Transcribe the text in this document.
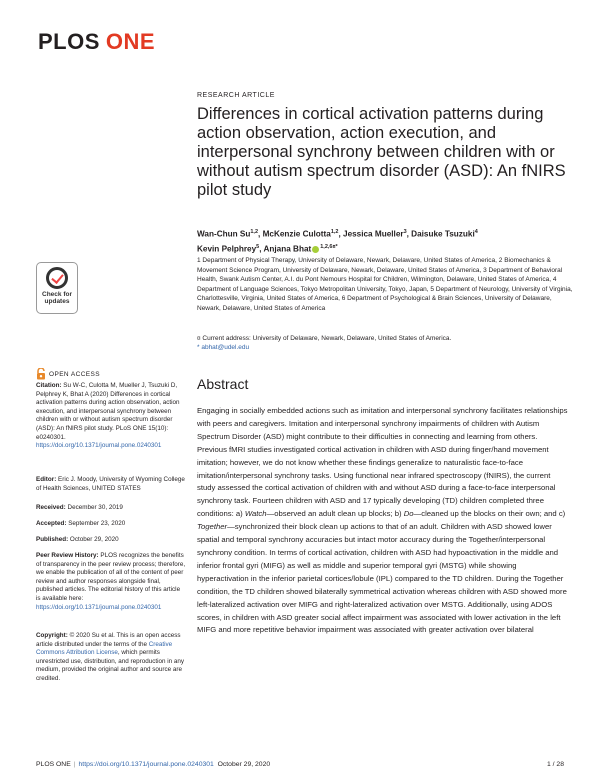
PLOS ONE
Check for updates
OPEN ACCESS
Citation: Su W-C, Culotta M, Mueller J, Tsuzuki D, Pelphrey K, Bhat A (2020) Differences in cortical activation patterns during action observation, action execution, and interpersonal synchrony between children with or without autism spectrum disorder (ASD): An fNIRS pilot study. PLoS ONE 15(10): e0240301. https://doi.org/10.1371/journal.pone.0240301
Editor: Eric J. Moody, University of Wyoming College of Health Sciences, UNITED STATES
Received: December 30, 2019
Accepted: September 23, 2020
Published: October 29, 2020
Peer Review History: PLOS recognizes the benefits of transparency in the peer review process; therefore, we enable the publication of all of the content of peer review and author responses alongside final, published articles. The editorial history of this article is available here: https://doi.org/10.1371/journal.pone.0240301
Copyright: © 2020 Su et al. This is an open access article distributed under the terms of the Creative Commons Attribution License, which permits unrestricted use, distribution, and reproduction in any medium, provided the original author and source are credited.
RESEARCH ARTICLE
Differences in cortical activation patterns during action observation, action execution, and interpersonal synchrony between children with or without autism spectrum disorder (ASD): An fNIRS pilot study
Wan-Chun Su$^{1,2}$, McKenzie Culotta$^{1,2}$, Jessica Mueller$^3$, Daisuke Tsuzuki$^4$
Kevin Pelphrey$^5$, Anjana Bhat $^{1,2,6¤*}$
1 Department of Physical Therapy, University of Delaware, Newark, Delaware, United States of America, 2 Biomechanics & Movement Science Program, University of Delaware, Newark, Delaware, United States of America, 3 Department of Behavioral Health, Swank Autism Center, A.I. du Pont Nemours Hospital for Children, Wilmington, Delaware, United States of America, 4 Department of Language Sciences, Tokyo Metropolitan University, Tokyo, Japan, 5 Department of Neurology, University of Virginia, Charlottesville, Virginia, United States of America, 6 Department of Psychological & Brain Sciences, University of Delaware, Newark, Delaware, United States of America
¤ Current address: University of Delaware, Newark, Delaware, United States of America.
* abhat@udel.edu
Abstract

Engaging in socially embedded actions such as imitation and interpersonal synchrony facilitates relationships with peers and caregivers. Imitation and interpersonal synchrony impairments of children with Autism Spectrum Disorder (ASD) might contribute to their difficulties in connecting and learning from others. Previous fMRI studies investigated cortical activation in children with ASD during finger/hand movement imitation; however, we do not know whether these findings generalize to naturalistic face-to-face imitation/interpersonal synchrony tasks. Using functional near infrared spectroscopy (fNIRS), the current study assessed the cortical activation of children with and without ASD during a face-to-face interpersonal synchrony task. Fourteen children with ASD and 17 typically developing (TD) children completed three conditions: a) Watch—observed an adult clean up blocks; b) Do—cleaned up the blocks on their own; and c) Together—synchronized their block clean up actions to that of an adult. Children with ASD showed lower spatial and temporal synchrony accuracies but intact motor accuracy during the Together/interpersonal synchrony condition. In terms of cortical activation, children with ASD had hypoactivation in the middle and inferior frontal gyri (MIFG) as well as middle and superior temporal gyri (MSTG) while showing hyperactivation in the inferior parietal cortices/lobule (IPL) compared to the TD children. During the Together condition, the TD children showed bilaterally symmetrical activation whereas children with ASD showed more left-lateralized activation over MIFG and right-lateralized activation over MSTG. Additionally, using ADOS scores, in children with ASD greater social affect impairment was associated with lower activation in the left MIFG and more repetitive behavior impairment was associated with greater activation over bilateral

PLOS ONE | https://doi.org/10.1371/journal.pone.0240301 October 29, 2020	1 / 28
